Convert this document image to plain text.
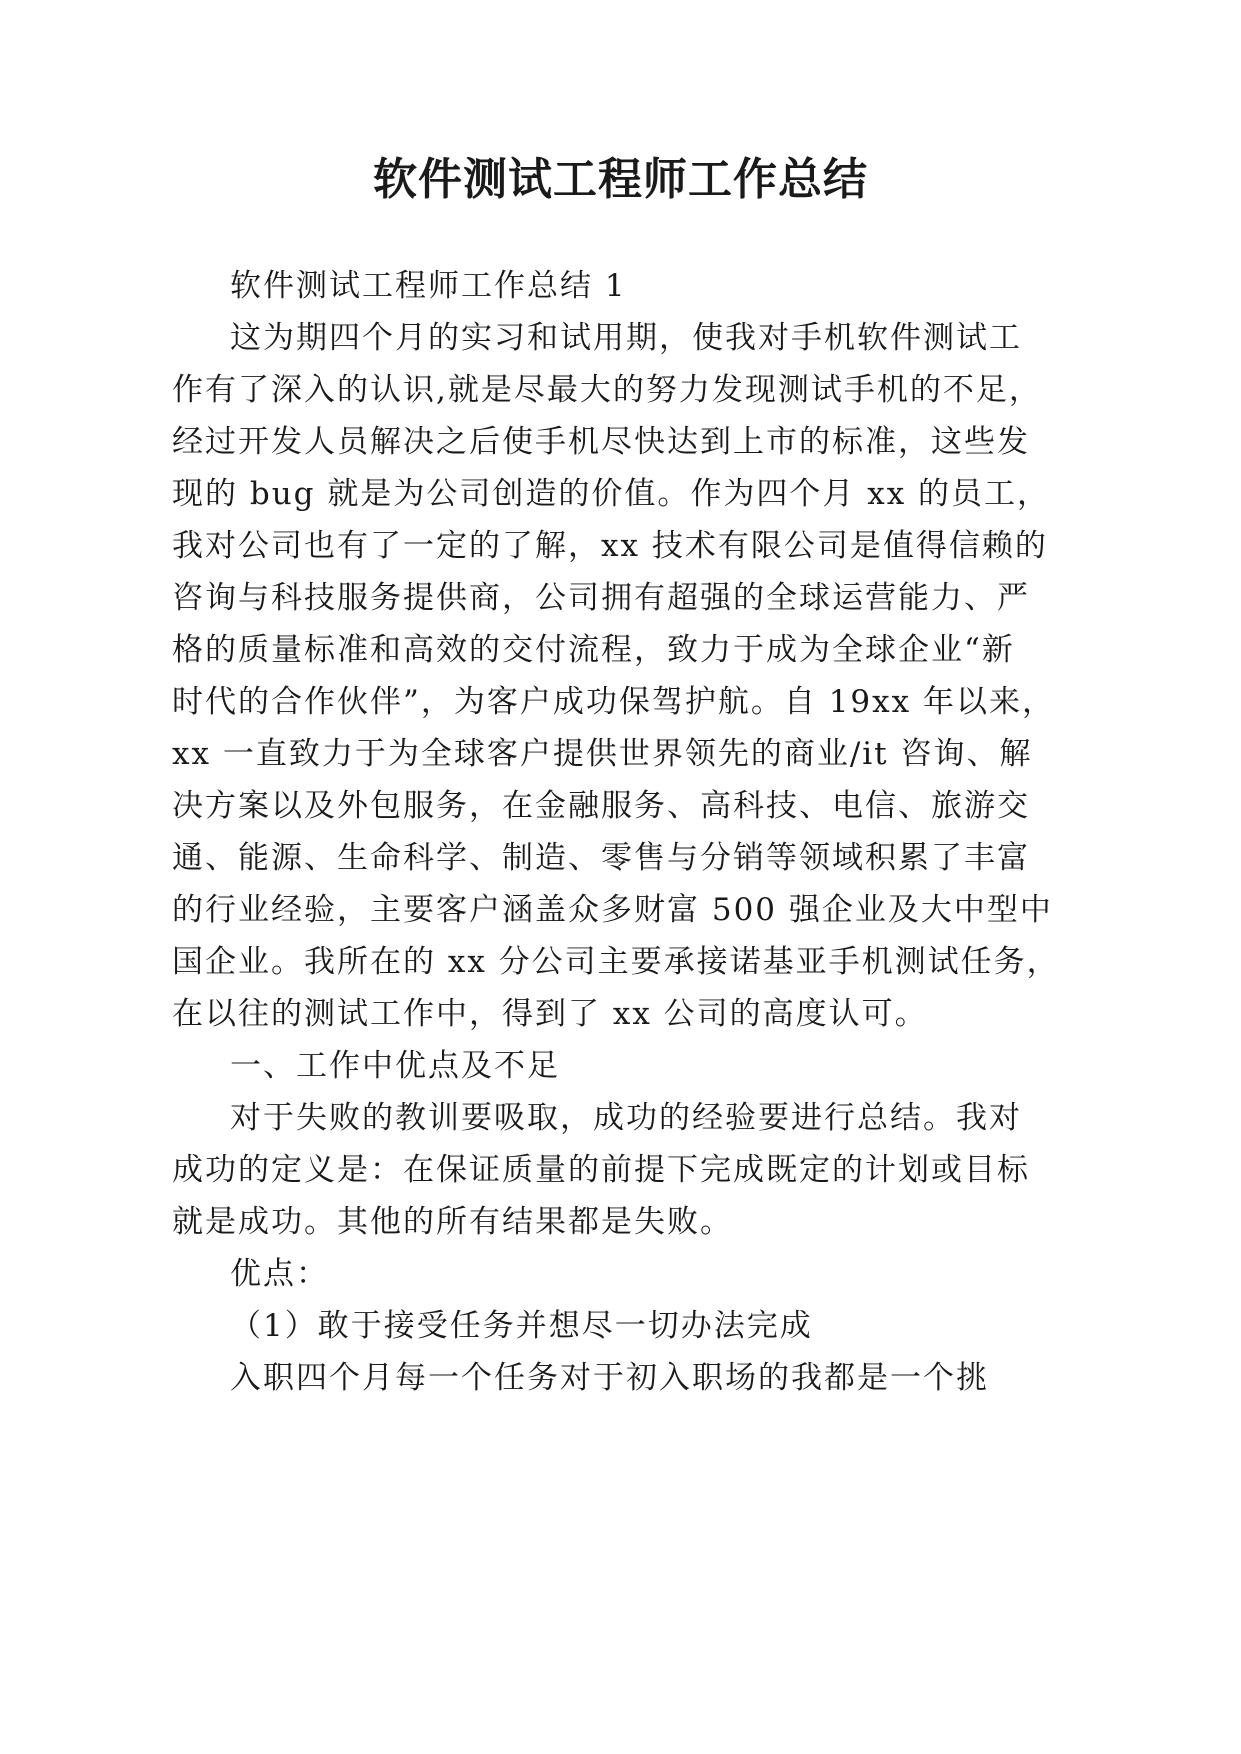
软件测试工程师工作总结
软件测试工程师工作总结 1
这为期四个月的实习和试用期，使我对手机软件测试工
作有了深入的认识,就是尽最大的努力发现测试手机的不足，
经过开发人员解决之后使手机尽快达到上市的标准，这些发
现的 bug 就是为公司创造的价值。作为四个月 xx 的员工，
我对公司也有了一定的了解，xx 技术有限公司是值得信赖的
咨询与科技服务提供商，公司拥有超强的全球运营能力、严
格的质量标准和高效的交付流程，致力于成为全球企业“新
时代的合作伙伴”，为客户成功保驾护航。自 19xx 年以来，
xx 一直致力于为全球客户提供世界领先的商业/it 咨询、解
决方案以及外包服务，在金融服务、高科技、电信、旅游交
通、能源、生命科学、制造、零售与分销等领域积累了丰富
的行业经验，主要客户涵盖众多财富 500 强企业及大中型中
国企业。我所在的 xx 分公司主要承接诺基亚手机测试任务，
在以往的测试工作中，得到了 xx 公司的高度认可。
一、工作中优点及不足
对于失败的教训要吸取，成功的经验要进行总结。我对
成功的定义是：在保证质量的前提下完成既定的计划或目标
就是成功。其他的所有结果都是失败。
优点：
（1）敢于接受任务并想尽一切办法完成
入职四个月每一个任务对于初入职场的我都是一个挑
